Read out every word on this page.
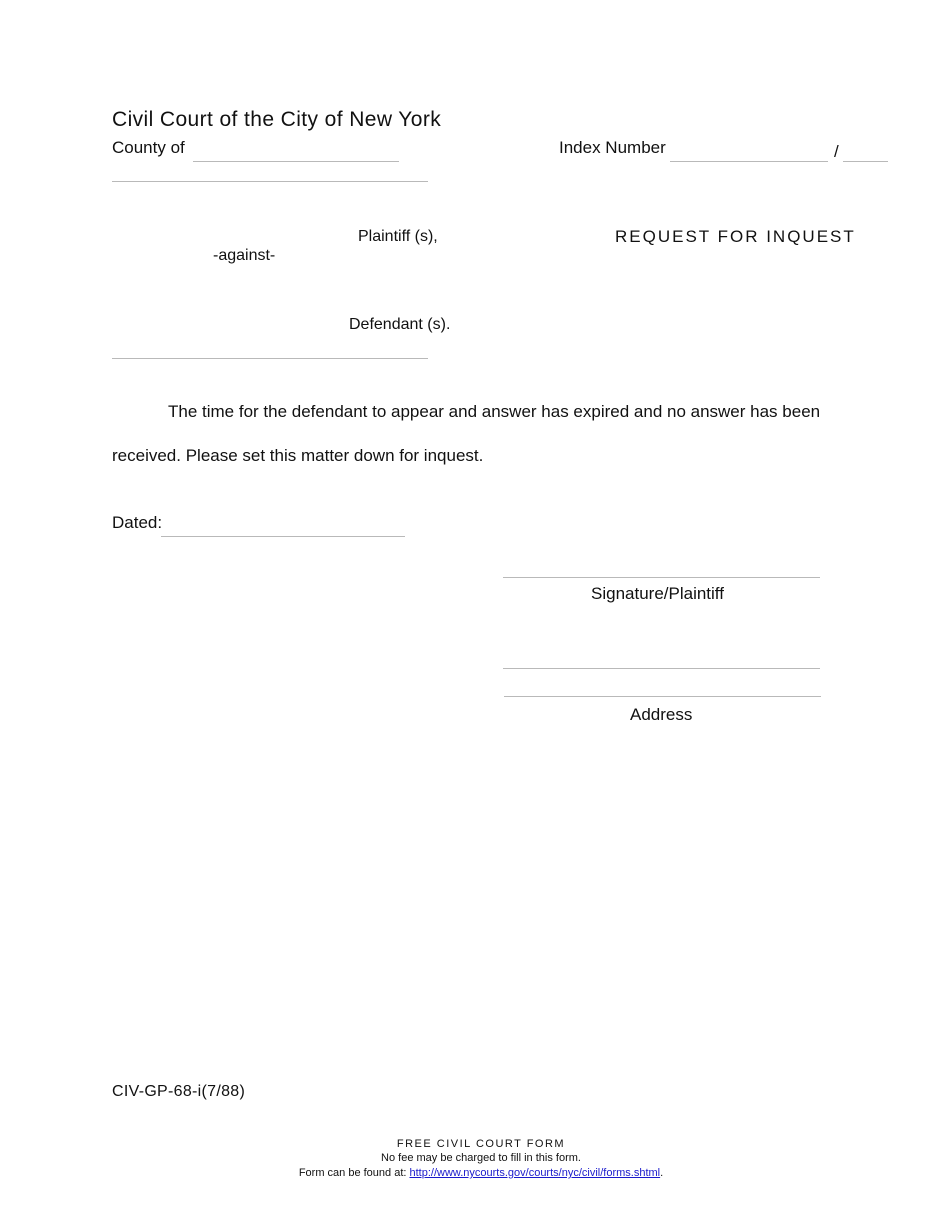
Civil Court of the City of New York
County of	Index Number	/
Plaintiff (s),
-against-
Defendant (s).
REQUEST FOR INQUEST
The time for the defendant to appear and answer has expired and no answer has been
received. Please set this matter down for inquest.
Dated:
Signature/Plaintiff
Address
CIV-GP-68-i(7/88)
FREE CIVIL COURT FORM
No fee may be charged to fill in this form.
Form can be found at: http://www.nycourts.gov/courts/nyc/civil/forms.shtml.
